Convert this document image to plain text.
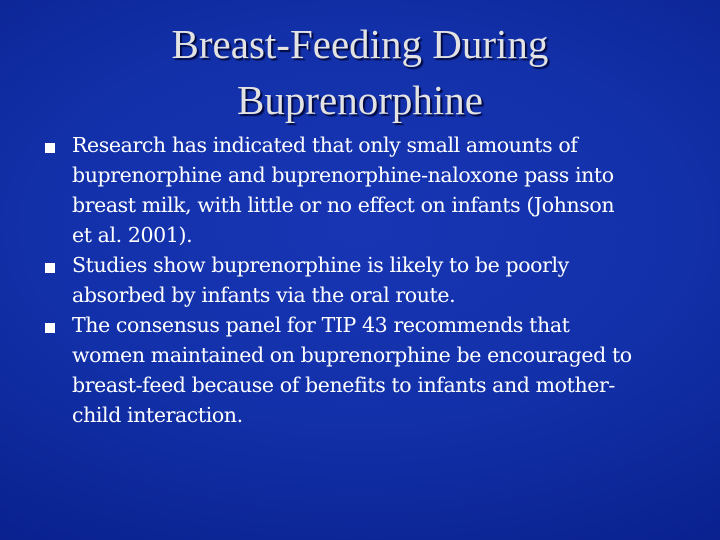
Breast-Feeding During
Buprenorphine
Research has indicated that only small amounts of
buprenorphine and buprenorphine-naloxone pass into
breast milk, with little or no effect on infants (Johnson
et al. 2001).
Studies show buprenorphine is likely to be poorly
absorbed by infants via the oral route.
The consensus panel for TIP 43 recommends that
women maintained on buprenorphine be encouraged to
breast-feed because of benefits to infants and mother-
child interaction.
